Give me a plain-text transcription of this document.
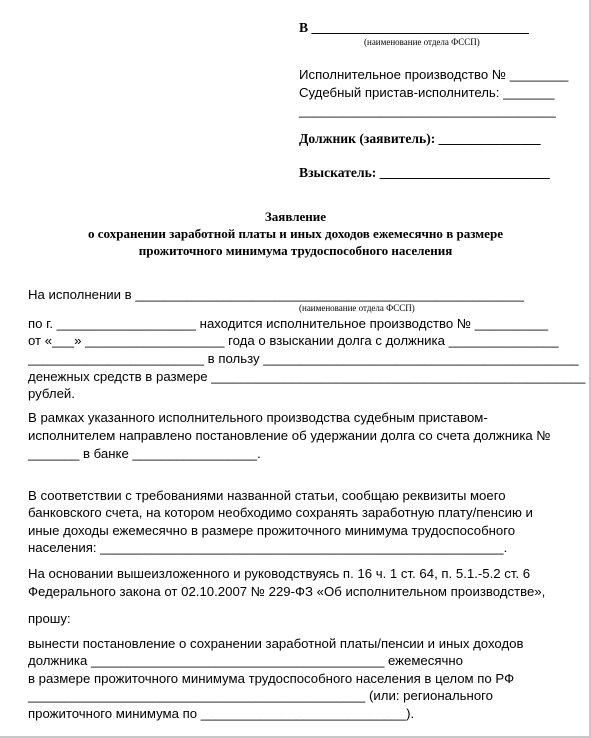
В ________________________________

(наименование отдела ФССП)

Исполнительное производство № ________

Судебный пристав-исполнитель: _______

___________________________________

Должник (заявитель): _______________

Взыскатель: _________________________

Заявление

о сохранении заработной платы и иных доходов ежемесячно в размере

прожиточного минимума трудоспособного населения

На исполнении в _____________________________________________________

(наименование отдела ФССП)

по г. ___________________ находится исполнительное производство № __________

от «___» ___________________ года о взыскании долга с должника _______________

________________________ в пользу ___________________________________________

денежных средств в размере ___________________________________________________

рублей.

В рамках указанного исполнительного производства судебным приставом-

исполнителем направлено постановление об удержании долга со счета должника №

_______ в банке _________________.

В соответствии с требованиями названной статьи, сообщаю реквизиты моего

банковского счета, на котором необходимо сохранять заработную плату/пенсию и

иные доходы ежемесячно в размере прожиточного минимума трудоспособного

населения: _______________________________________________________.

На основании вышеизложенного и руководствуясь п. 16 ч. 1 ст. 64, п. 5.1.-5.2 ст. 6

Федерального закона от 02.10.2007 № 229-ФЗ «Об исполнительном производстве»,

прошу:

вынести постановление о сохранении заработной платы/пенсии и иных доходов

должника ________________________________________ ежемесячно

в размере прожиточного минимума трудоспособного населения в целом по РФ

______________________________________________ (или: регионального

прожиточного минимума по ____________________________).
